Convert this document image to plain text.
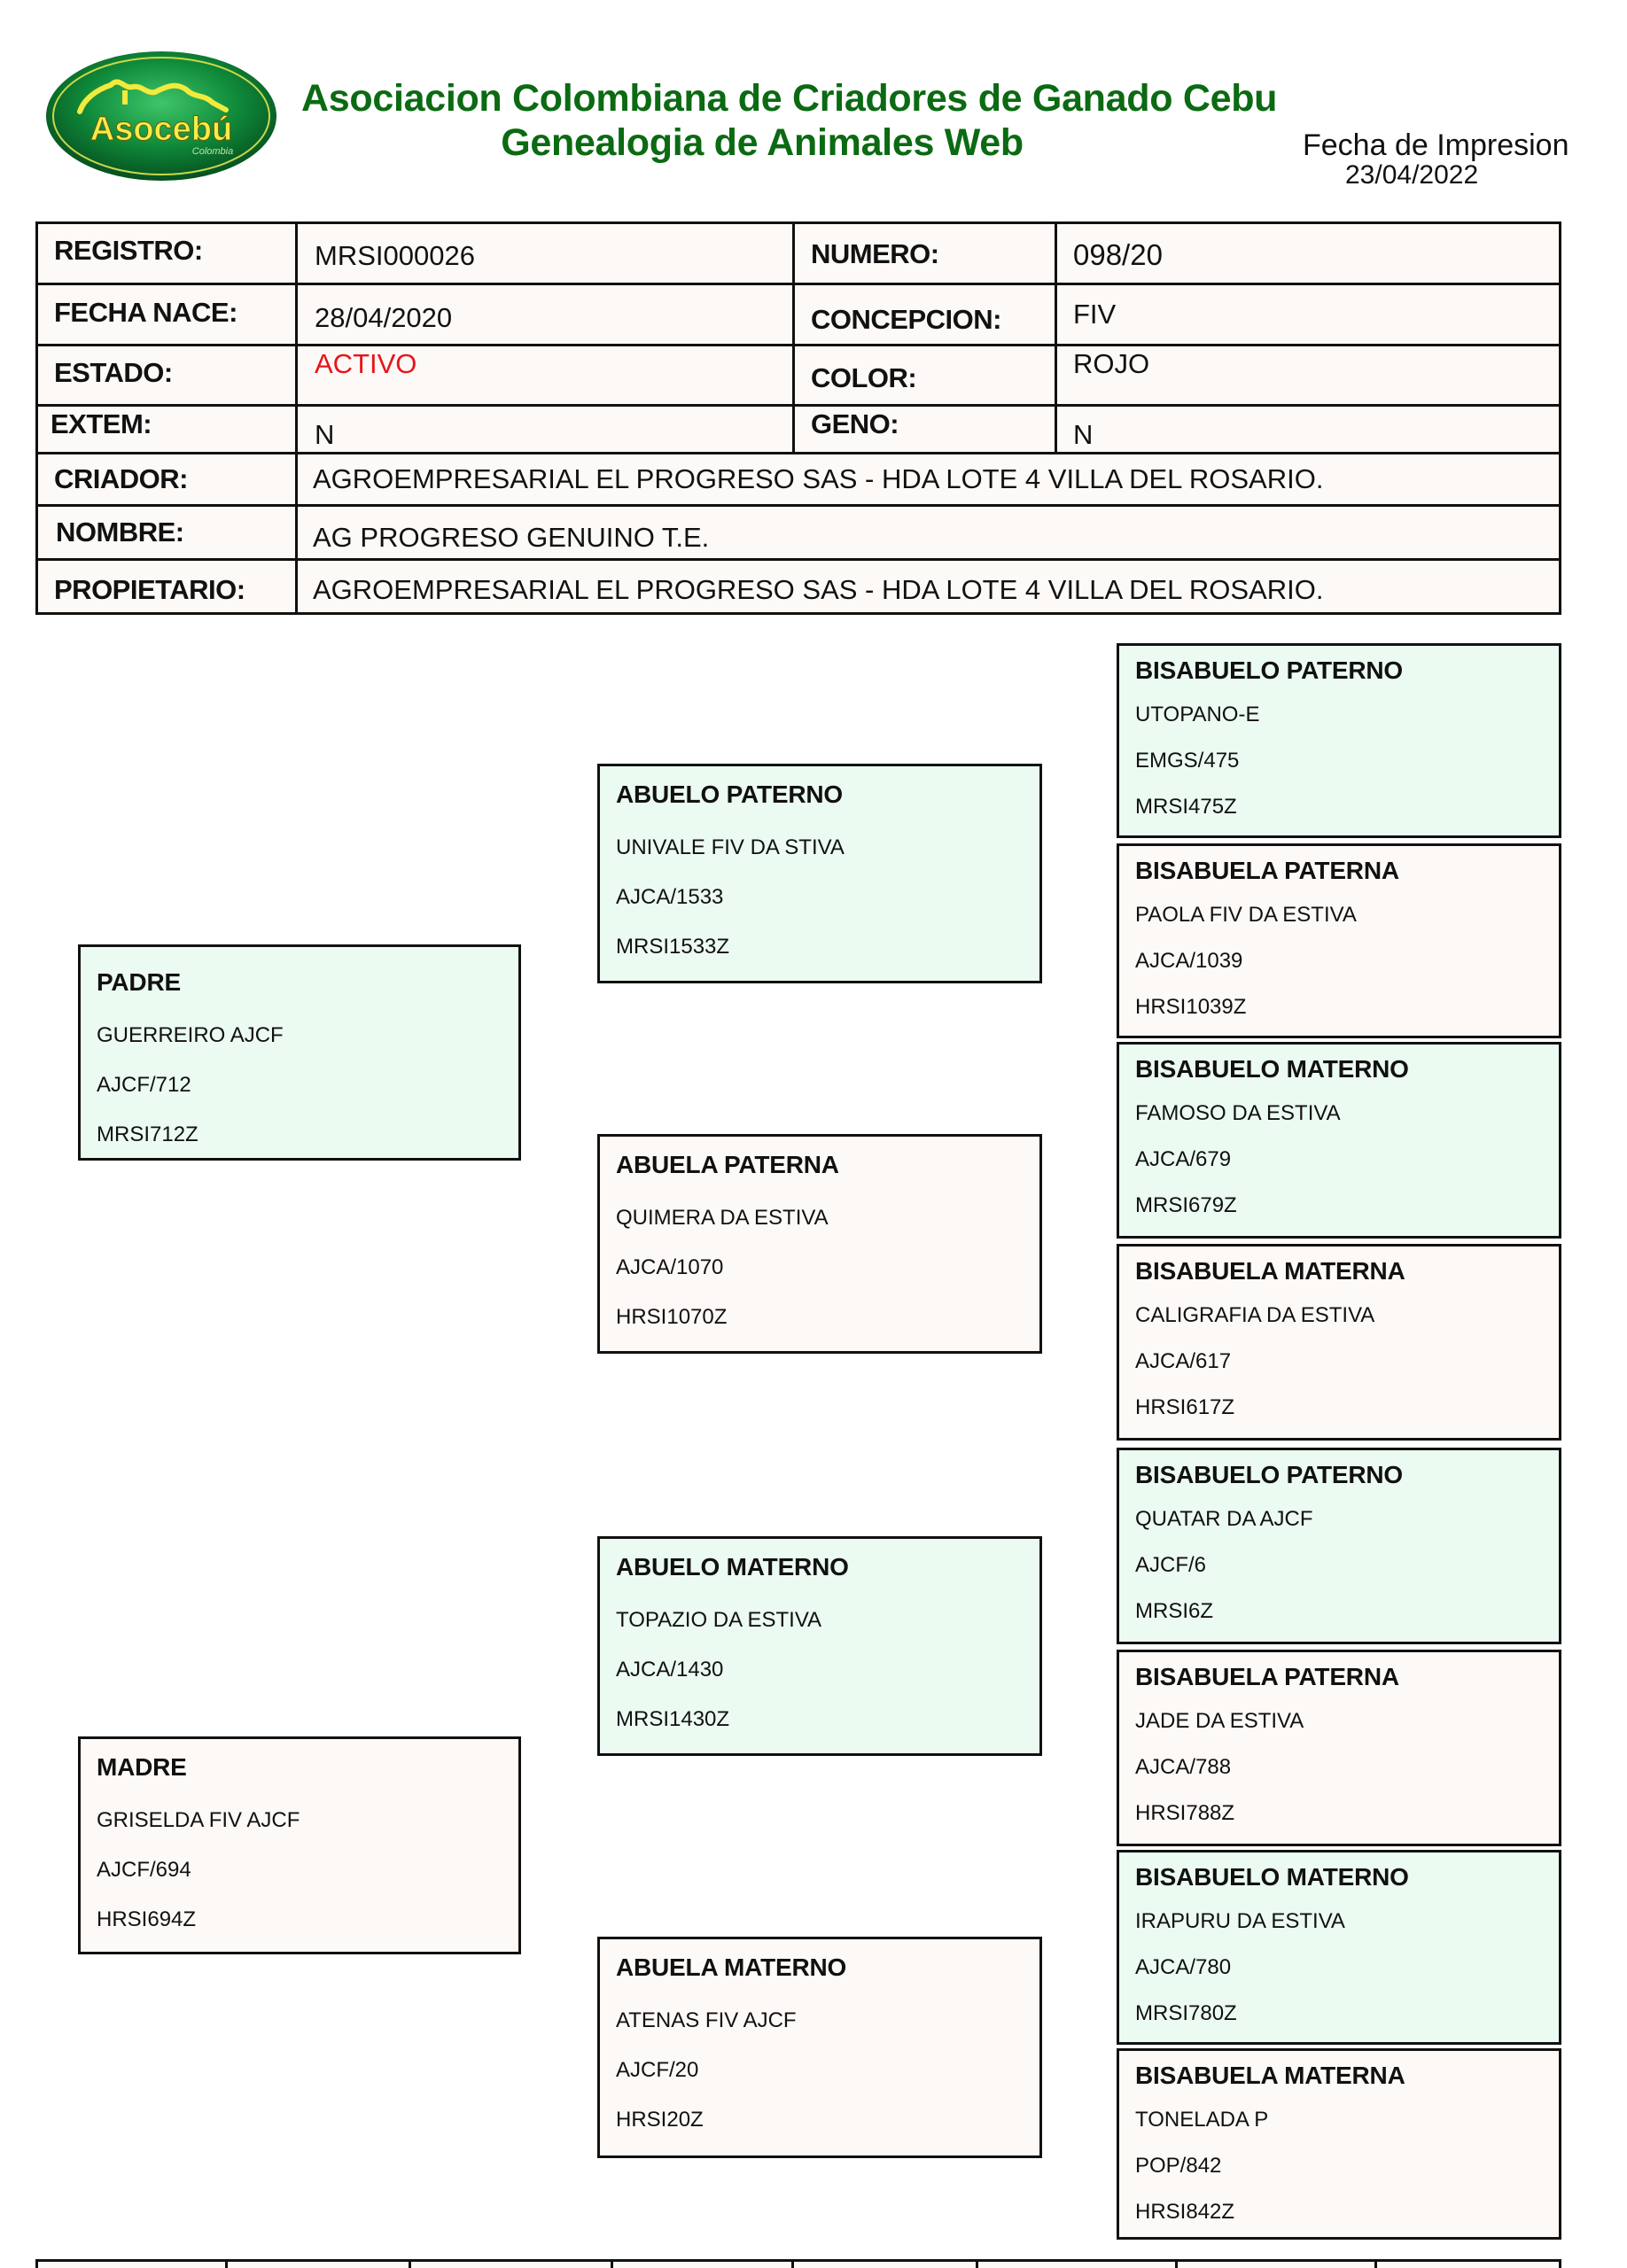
Asocebú
Colombia
Asociacion Colombiana de Criadores de Ganado Cebu
Genealogia de Animales Web	Fecha de Impresion
23/04/2022
REGISTRO:	MRSI000026	NUMERO:	098/20
FECHA NACE:	28/04/2020	CONCEPCION:	FIV
ESTADO:	ACTIVO	COLOR:	ROJO
EXTEM:	N	GENO:	N
CRIADOR:	AGROEMPRESARIAL EL PROGRESO SAS - HDA LOTE 4 VILLA DEL ROSARIO.
NOMBRE:	AG PROGRESO GENUINO T.E.
PROPIETARIO: AGROEMPRESARIAL EL PROGRESO SAS - HDA LOTE 4 VILLA DEL ROSARIO.
PADRE
GUERREIRO AJCF
AJCF/712
MRSI712Z
MADRE
GRISELDA FIV AJCF
AJCF/694
HRSI694Z
ABUELO PATERNO
UNIVALE FIV DA STIVA
AJCA/1533
MRSI1533Z
ABUELA PATERNA
QUIMERA DA ESTIVA
AJCA/1070
HRSI1070Z
ABUELO MATERNO
TOPAZIO DA ESTIVA
AJCA/1430
MRSI1430Z
ABUELA MATERNO
ATENAS FIV AJCF
AJCF/20
HRSI20Z
BISABUELO PATERNO
UTOPANO-E
EMGS/475
MRSI475Z
BISABUELA PATERNA
PAOLA FIV DA ESTIVA
AJCA/1039
HRSI1039Z
BISABUELO MATERNO
FAMOSO DA ESTIVA
AJCA/679
MRSI679Z
BISABUELA MATERNA
CALIGRAFIA DA ESTIVA
AJCA/617
HRSI617Z
BISABUELO PATERNO
QUATAR DA AJCF
AJCF/6
MRSI6Z
BISABUELA PATERNA
JADE DA ESTIVA
AJCA/788
HRSI788Z
BISABUELO MATERNO
IRAPURU DA ESTIVA
AJCA/780
MRSI780Z
BISABUELA MATERNA
TONELADA P
POP/842
HRSI842Z
